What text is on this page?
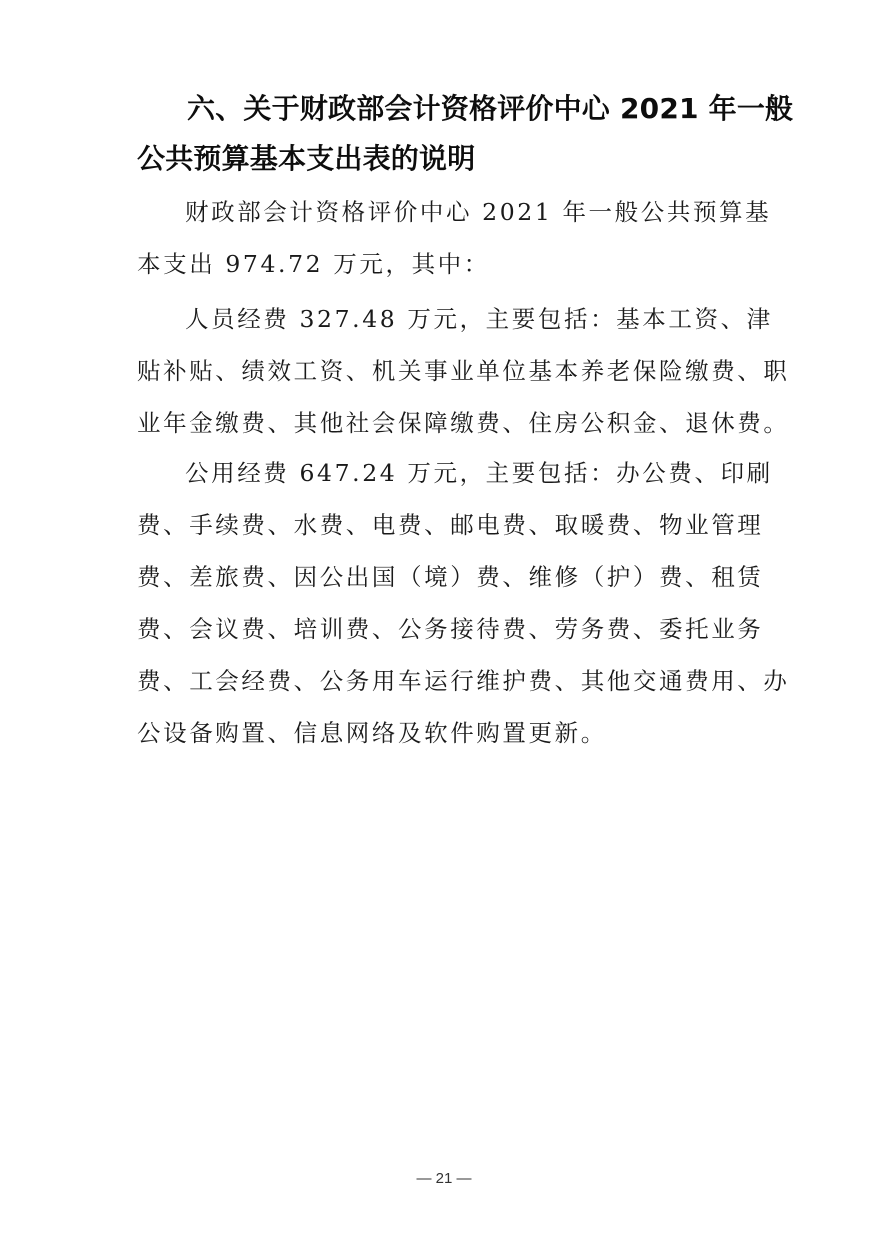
六、关于财政部会计资格评价中心 2021 年一般公共预算基本支出表的说明

财政部会计资格评价中心 2021 年一般公共预算基本支出 974.72 万元，其中：

人员经费 327.48 万元，主要包括：基本工资、津贴补贴、绩效工资、机关事业单位基本养老保险缴费、职业年金缴费、其他社会保障缴费、住房公积金、退休费。

公用经费 647.24 万元，主要包括：办公费、印刷费、手续费、水费、电费、邮电费、取暖费、物业管理费、差旅费、因公出国（境）费、维修（护）费、租赁费、会议费、培训费、公务接待费、劳务费、委托业务费、工会经费、公务用车运行维护费、其他交通费用、办公设备购置、信息网络及软件购置更新。

— 21 —
